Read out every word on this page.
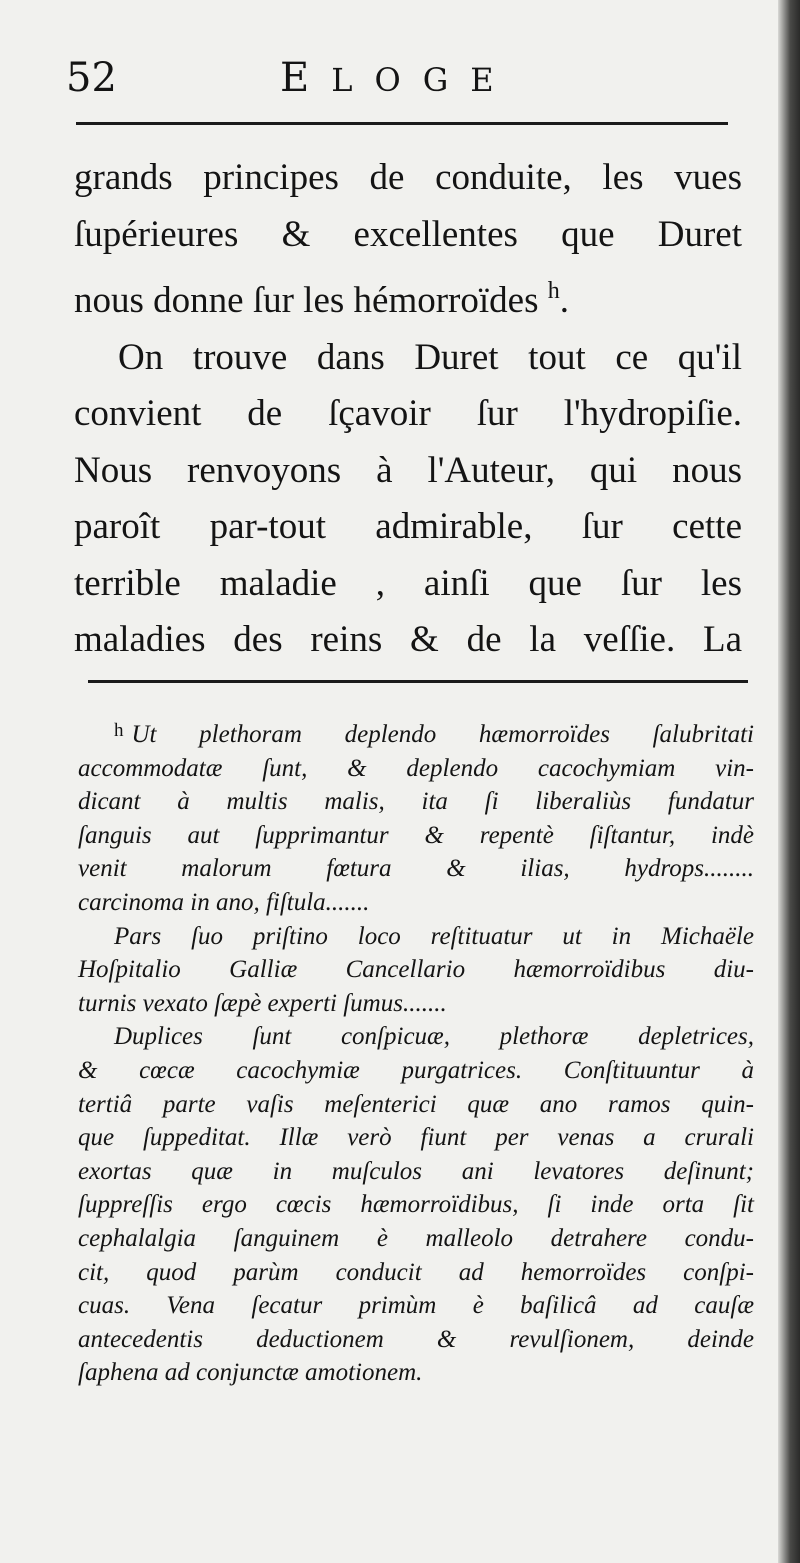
52	ELOGE
grands principes de conduite, les vues
ſupérieures & excellentes que Duret
nous donne ſur les hémorroïdes $^h$.
On trouve dans Duret tout ce qu'il
convient de ſçavoir ſur l'hydropiſie.
Nous renvoyons à l'Auteur, qui nous
paroît par-tout admirable, ſur cette
terrible maladie , ainſi que ſur les
maladies des reins & de la veſſie. La
$^h$ Ut plethoram deplendo hæmorroïdes ſalubritati
accommodatæ ſunt, & deplendo cacochymiam vin-
dicant à multis malis, ita ſi liberaliùs fundatur
ſanguis aut ſupprimantur & repentè ſiſtantur, indè
venit malorum fœtura & ilias, hydrops........
carcinoma in ano, fiſtula.......
Pars ſuo priſtino loco reſtituatur ut in Michaële
Hoſpitalio Galliæ Cancellario hæmorroïdibus diu-
turnis vexato ſæpè experti ſumus.......
Duplices ſunt conſpicuæ, plethoræ depletrices,
& cœcæ cacochymiæ purgatrices. Conſtituuntur à
tertiâ parte vaſis meſenterici quæ ano ramos quin-
que ſuppeditat. Illæ verò fiunt per venas a crurali
exortas quæ in muſculos ani levatores deſinunt;
ſuppreſſis ergo cœcis hæmorroïdibus, ſi inde orta ſit
cephalalgia ſanguinem è malleolo detrahere condu-
cit, quod parùm conducit ad hemorroïdes conſpi-
cuas. Vena ſecatur primùm è baſilicâ ad cauſæ
antecedentis deductionem & revulſionem, deinde
ſaphena ad conjunctæ amotionem.
